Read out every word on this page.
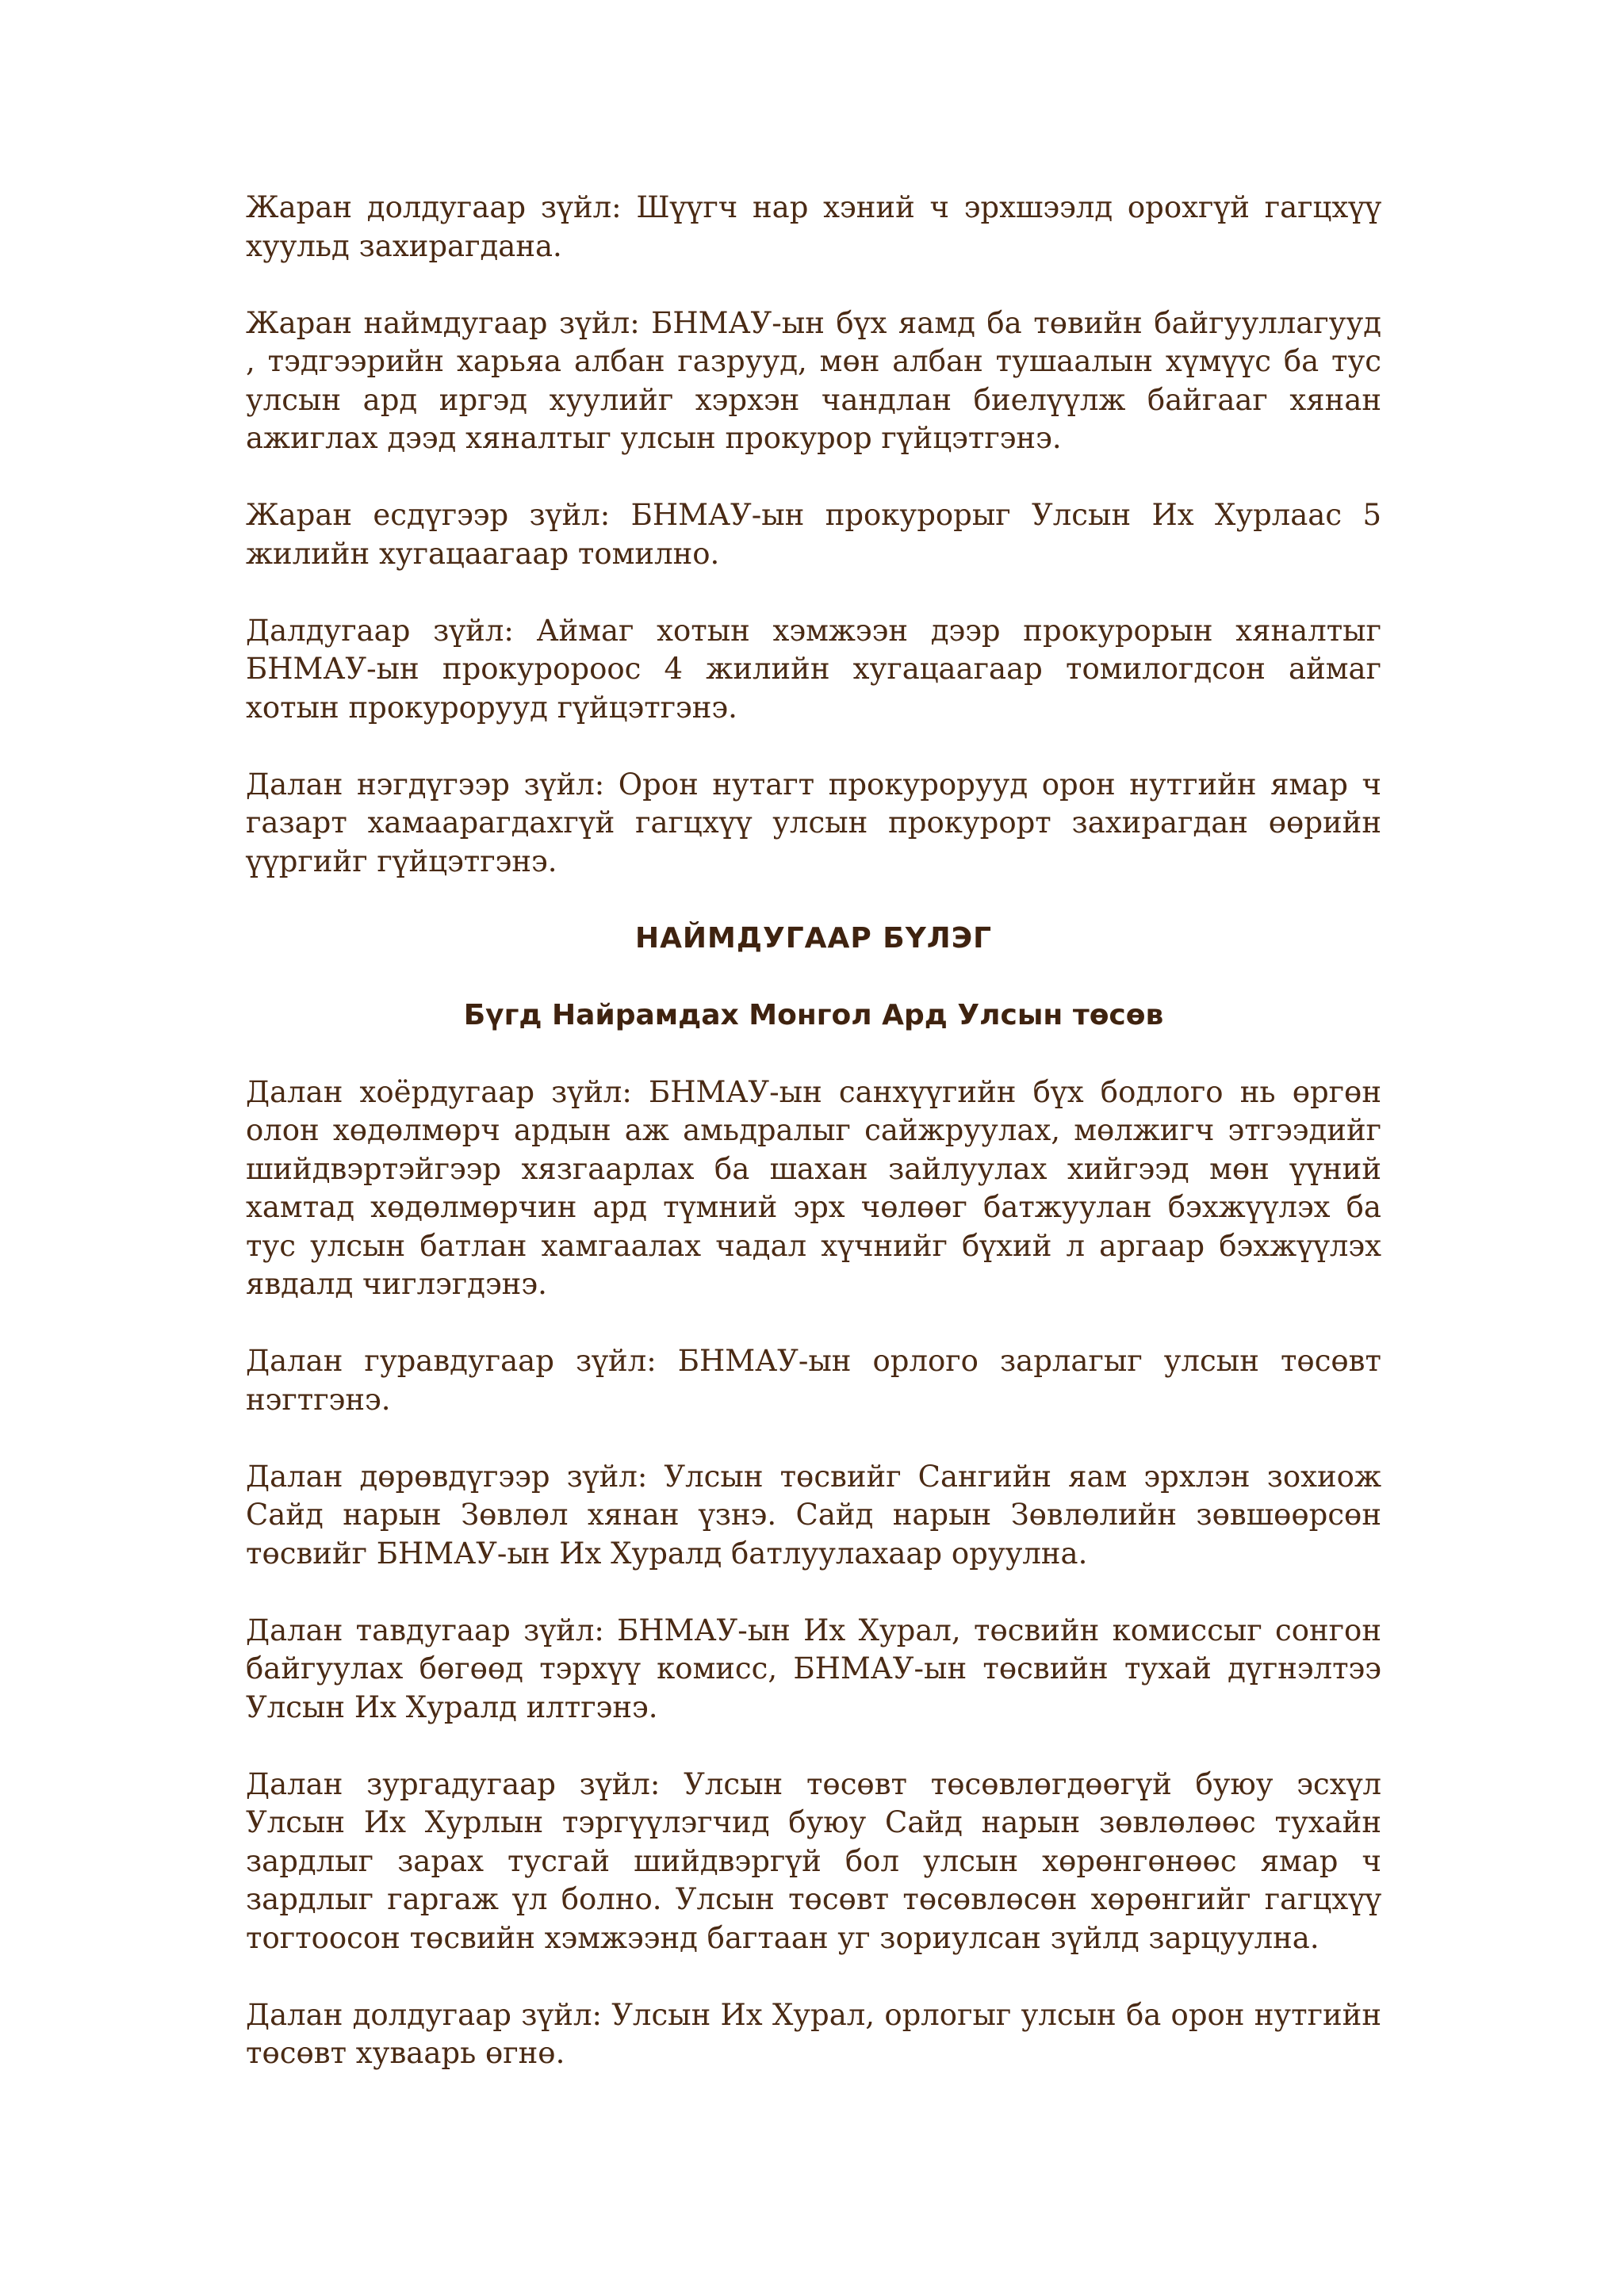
Жаран долдугаар зүйл: Шүүгч нар хэний ч эрхшээлд орохгүй гагцхүү хуульд захирагдана.

Жаран наймдугаар зүйл: БНМАУ-ын бүх яамд ба төвийн байгууллагууд , тэдгээрийн харьяа албан газрууд, мөн албан тушаалын хүмүүс ба тус улсын ард иргэд хуулийг хэрхэн чандлан биелүүлж байгааг хянан ажиглах дээд хяналтыг улсын прокурор гүйцэтгэнэ.

Жаран есдүгээр зүйл: БНМАУ-ын прокурорыг Улсын Их Хурлаас 5 жилийн хугацаагаар томилно.

Далдугаар зүйл: Аймаг хотын хэмжээн дээр прокурорын хяналтыг БНМАУ-ын прокуророос 4 жилийн хугацаагаар томилогдсон аймаг хотын прокурорууд гүйцэтгэнэ.

Далан нэгдүгээр зүйл: Орон нутагт прокурорууд орон нутгийн ямар ч газарт хамаарагдахгүй гагцхүү улсын прокурорт захирагдан өөрийн үүргийг гүйцэтгэнэ.

НАЙМДУГААР БҮЛЭГ
Бүгд Найрамдах Монгол Ард Улсын төсөв

Далан хоёрдугаар зүйл: БНМАУ-ын санхүүгийн бүх бодлого нь өргөн олон хөдөлмөрч ардын аж амьдралыг сайжруулах, мөлжигч этгээдийг шийдвэртэйгээр хязгаарлах ба шахан зайлуулах хийгээд мөн үүний хамтад хөдөлмөрчин ард түмний эрх чөлөөг батжуулан бэхжүүлэх ба тус улсын батлан хамгаалах чадал хүчнийг бүхий л аргаар бэхжүүлэх явдалд чиглэгдэнэ.

Далан гуравдугаар зүйл: БНМАУ-ын орлого зарлагыг улсын төсөвт нэгтгэнэ.

Далан дөрөвдүгээр зүйл: Улсын төсвийг Сангийн яам эрхлэн зохиож Сайд нарын Зөвлөл хянан үзнэ. Сайд нарын Зөвлөлийн зөвшөөрсөн төсвийг БНМАУ-ын Их Хуралд батлуулахаар оруулна.

Далан тавдугаар зүйл: БНМАУ-ын Их Хурал, төсвийн комиссыг сонгон байгуулах бөгөөд тэрхүү комисс, БНМАУ-ын төсвийн тухай дүгнэлтээ Улсын Их Хуралд илтгэнэ.

Далан зургадугаар зүйл: Улсын төсөвт төсөвлөгдөөгүй буюу эсхүл Улсын Их Хурлын тэргүүлэгчид буюу Сайд нарын зөвлөлөөс тухайн зардлыг зарах тусгай шийдвэргүй бол улсын хөрөнгөнөөс ямар ч зардлыг гаргаж үл болно. Улсын төсөвт төсөвлөсөн хөрөнгийг гагцхүү тогтоосон төсвийн хэмжээнд багтаан уг зориулсан зүйлд зарцуулна.

Далан долдугаар зүйл: Улсын Их Хурал, орлогыг улсын ба орон нутгийн төсөвт хуваарь өгнө.
